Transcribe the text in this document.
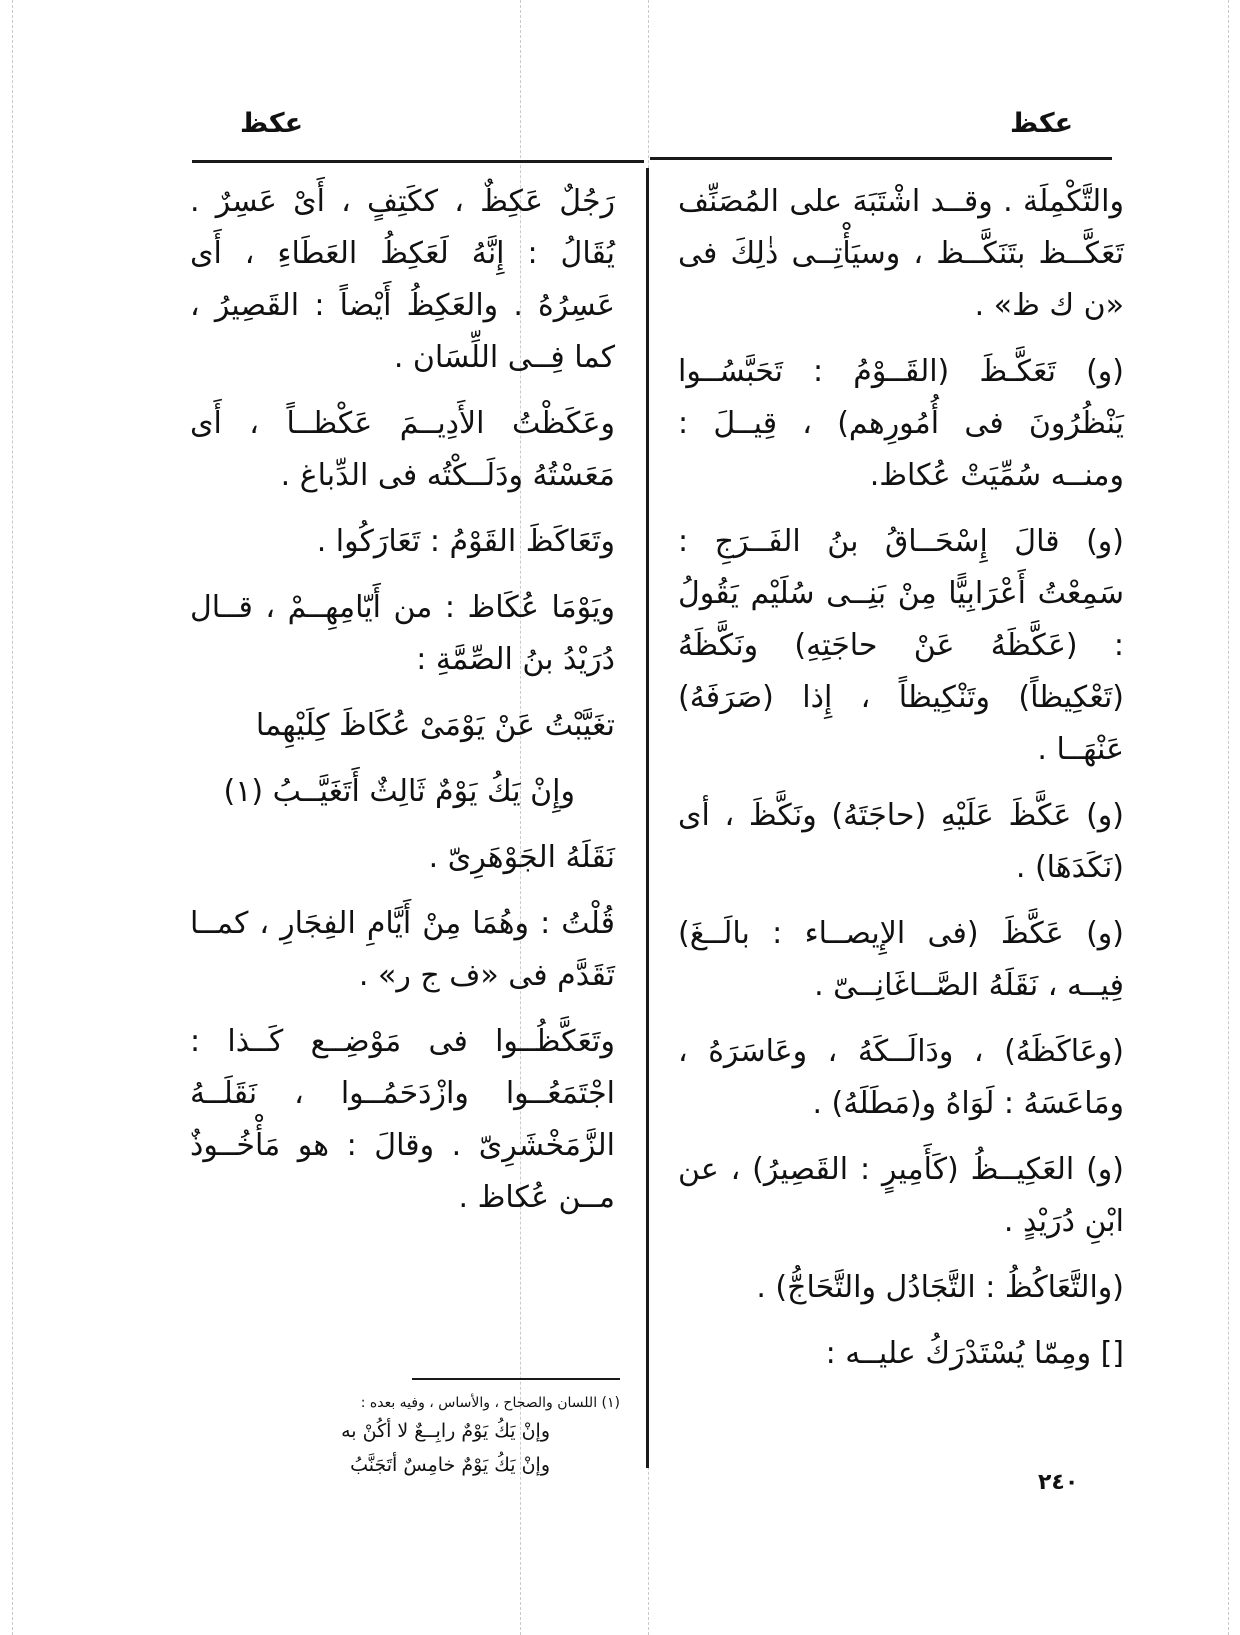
عكظ
عكظ

والتَّكْمِلَة . وقــد اشْتَبَهَ على المُصَنِّف تَعَكَّــظ بتَنَكَّــظ ، وسيَأْتِــى ذٰلِكَ فى «ن ك ظ» .

(و) تَعَكَّـظَ (القَــوْمُ : تَحَبَّسُــوا يَنْظُرُونَ فى أُمُورِهم) ، قِيــلَ : ومنــه سُمِّيَتْ عُكاظ.

(و) قالَ إِسْحَــاقُ بنُ الفَــرَجِ : سَمِعْتُ أَعْرَابِيًّا مِنْ بَنِــى سُلَيْم يَقُولُ : (عَكَّظَهُ عَنْ حاجَتِهِ) ونَكَّظَهُ (تَعْكِيظاً) وتَنْكِيظاً ، إِذا (صَرَفَهُ) عَنْهَــا .

(و) عَكَّظَ عَلَيْهِ (حاجَتَهُ) ونَكَّظَ ، أى (نَكَدَهَا) .

(و) عَكَّظَ (فى الإِيصــاء : بالَــغَ) فِيــه ، نَقَلَهُ الصَّــاغَانِــىّ .

(وعَاكَظَهُ) ، ودَالَــكَهُ ، وعَاسَرَهُ ، ومَاعَسَهُ : لَوَاهُ و(مَطَلَهُ) .

(و) العَكِيــظُ (كَأَمِيرٍ : القَصِيرُ) ، عن ابْنِ دُرَيْدٍ .

(والتَّعَاكُظُ : التَّجَادُل والتَّحَاجُّ) .

[] ومِمّا يُسْتَدْرَكُ عليــه :

رَجُلٌ عَكِظٌ ، ككَتِفٍ ، أَىْ عَسِرٌ . يُقَالُ : إِنَّهُ لَعَكِظُ العَطَاءِ ، أَى عَسِرُهُ . والعَكِظُ أَيْضاً : القَصِيرُ ، كما فِــى اللِّسَان .

وعَكَظْتُ الأَدِيــمَ عَكْظــاً ، أَى مَعَسْتُهُ ودَلَــكْتُه فى الدِّباغ .

وتَعَاكَظَ القَوْمُ : تَعَارَكُوا .

ويَوْمَا عُكَاظ : من أَيّامِهِــمْ ، قــال دُرَيْدُ بنُ الصِّمَّةِ :

تغَيَّبْتُ عَنْ يَوْمَىْ عُكَاظَ كِلَيْهِما

وإِنْ يَكُ يَوْمٌ ثَالِثٌ أَتَغَيَّــبُ (١)

نَقَلَهُ الجَوْهَرِىّ .

قُلْتُ : وهُمَا مِنْ أَيَّامِ الفِجَارِ ، كمــا تَقَدَّم فى «ف ج ر» .

وتَعَكَّظُــوا فى مَوْضِــع كَــذا : اجْتَمَعُــوا وازْدَحَمُــوا ، نَقَلَــهُ الزَّمَخْشَرِىّ . وقالَ : هو مَأْخُــوذٌ مــن عُكاظ .

(١) اللسان والصحاح ، والأساس ، وفيه بعده :

وإنْ يَكُ يَوْمٌ رابِــعٌ لا أكُنْ به

وإنْ يَكُ يَوْمٌ خامِسٌ أتَجَنَّبُ

٢٤٠
